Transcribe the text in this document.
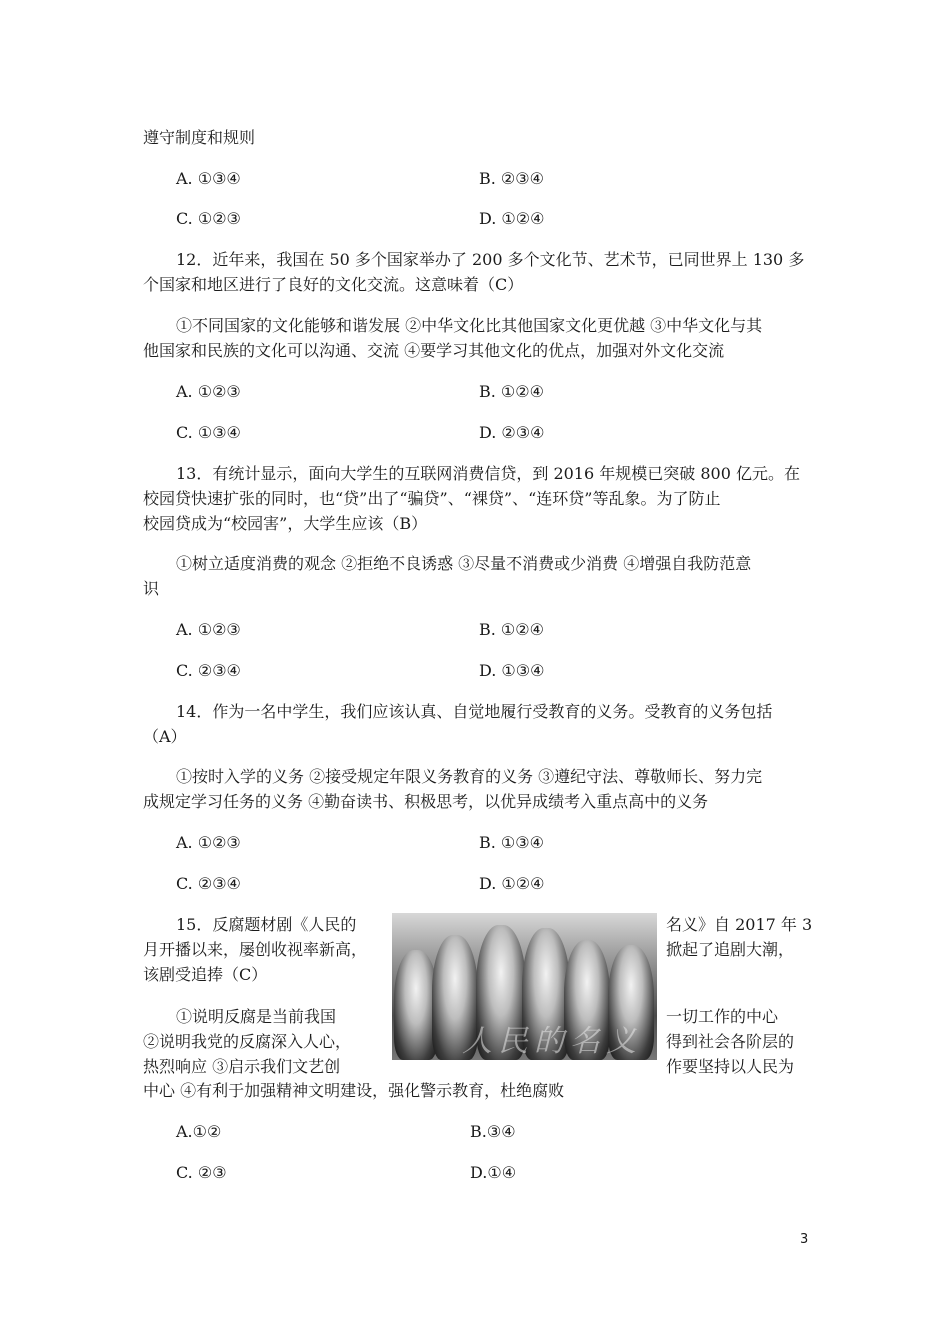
遵守制度和规则
A. ①③④	B. ②③④
C. ①②③	D. ①②④
12．近年来，我国在 50 多个国家举办了 200 多个文化节、艺术节，已同世界上 130 多
个国家和地区进行了良好的文化交流。这意味着（C）
①不同国家的文化能够和谐发展 ②中华文化比其他国家文化更优越 ③中华文化与其
他国家和民族的文化可以沟通、交流 ④要学习其他文化的优点，加强对外文化交流
A. ①②③	B. ①②④
C. ①③④	D. ②③④
13．有统计显示，面向大学生的互联网消费信贷，到 2016 年规模已突破 800 亿元。在
校园贷快速扩张的同时，也“贷”出了“骗贷”、“裸贷”、“连环贷”等乱象。为了防止
校园贷成为“校园害”，大学生应该（B）
①树立适度消费的观念 ②拒绝不良诱惑 ③尽量不消费或少消费 ④增强自我防范意
识
A. ①②③	B. ①②④
C. ②③④	D. ①③④
14．作为一名中学生，我们应该认真、自觉地履行受教育的义务。受教育的义务包括
（A）
①按时入学的义务 ②接受规定年限义务教育的义务 ③遵纪守法、尊敬师长、努力完
成规定学习任务的义务 ④勤奋读书、积极思考，以优异成绩考入重点高中的义务
A. ①②③	B. ①③④
C. ②③④	D. ①②④
15．反腐题材剧《人民的
月开播以来，屡创收视率新高，
该剧受追捧（C）
名义》自 2017 年 3
掀起了追剧大潮，
人民的名义
①说明反腐是当前我国
②说明我党的反腐深入人心，
热烈响应 ③启示我们文艺创
一切工作的中心
得到社会各阶层的
作要坚持以人民为
中心 ④有利于加强精神文明建设，强化警示教育，杜绝腐败
A.①②	B.③④
C. ②③	D.①④
3
